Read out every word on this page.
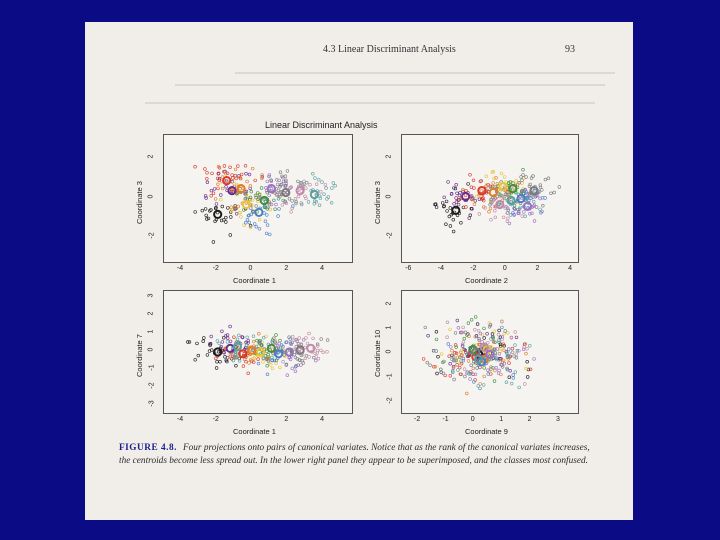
4.3 Linear Discriminant Analysis	93
Linear Discriminant Analysis
FIGURE 4.8. Four projections onto pairs of canonical variates. Notice that as the rank of the canonical variates increases, the centroids become less spread out. In the lower right panel they appear to be superimposed, and the classes most confused.
-4	-2	0	2	4
-2
0
2
Coordinate 1
Coordinate 3
-6	-4	-2	0	2	4
-2
0
2
Coordinate 2
Coordinate 3
-4	-2	0	2	4
-3
-2
-1
0
1
2
3
Coordinate 1
Coordinate 7
-2	-1	0	1	2	3
-2
-1
0
1
2
Coordinate 9
Coordinate 10
